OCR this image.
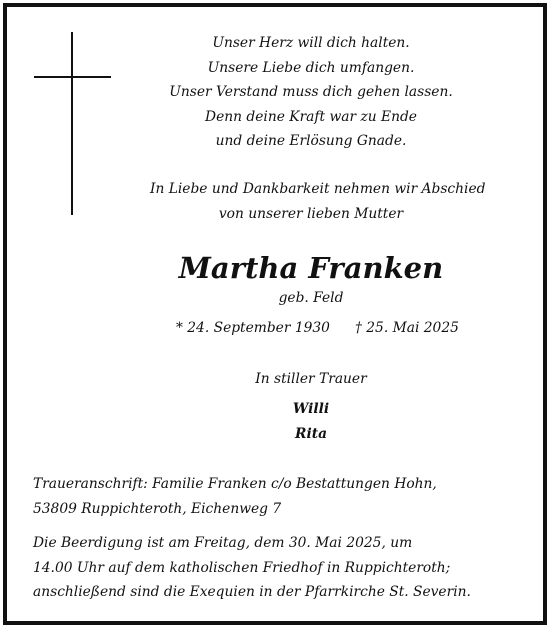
Unser Herz will dich halten.
Unsere Liebe dich umfangen.
Unser Verstand muss dich gehen lassen.
Denn deine Kraft war zu Ende
und deine Erlösung Gnade.
In Liebe und Dankbarkeit nehmen wir Abschied
von unserer lieben Mutter
Martha Franken
geb. Feld
* 24. September 1930 † 25. Mai 2025
In stiller Trauer
Willi
Rita
Traueranschrift: Familie Franken c/o Bestattungen Hohn,
53809 Ruppichteroth, Eichenweg 7
Die Beerdigung ist am Freitag, dem 30. Mai 2025, um
14.00 Uhr auf dem katholischen Friedhof in Ruppichteroth;
anschließend sind die Exequien in der Pfarrkirche St. Severin.
